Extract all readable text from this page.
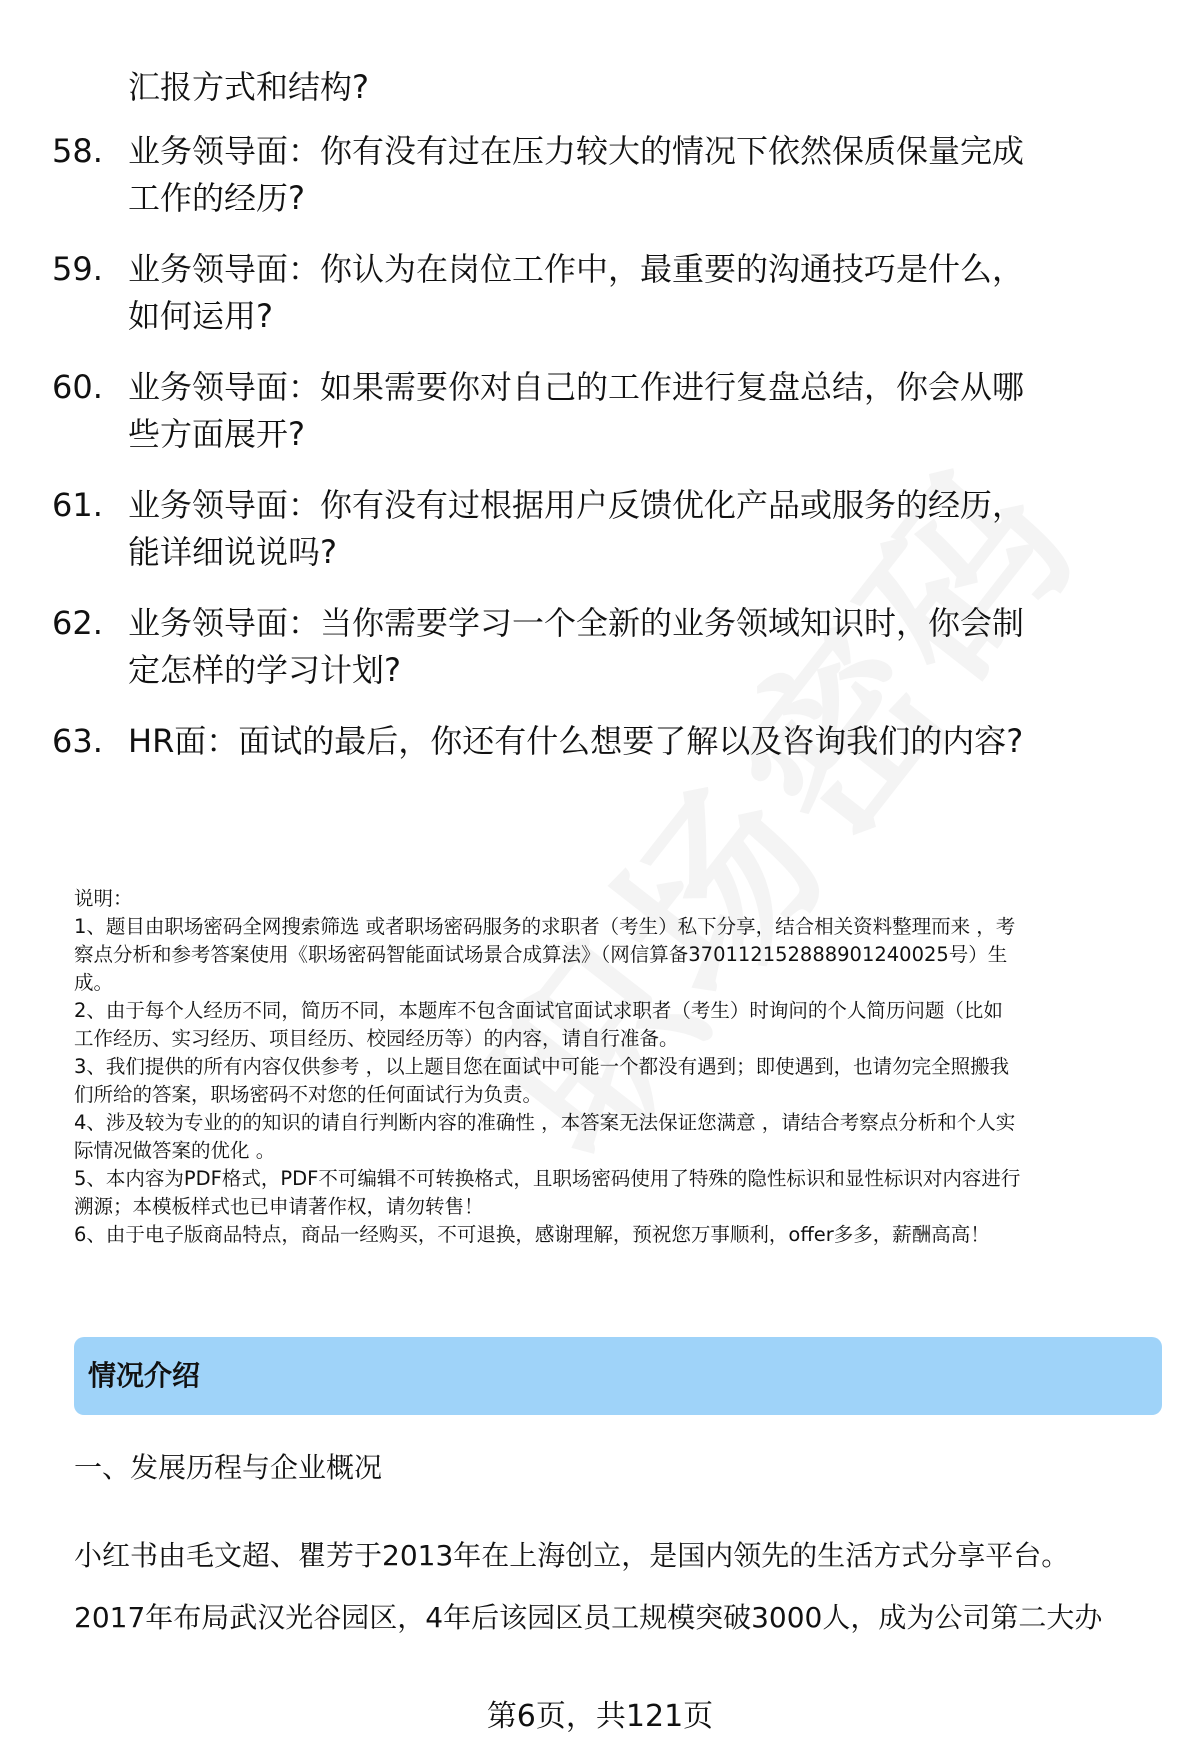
汇报方式和结构?
58. 业务领导面：你有没有过在压力较大的情况下依然保质保量完成
工作的经历?
59. 业务领导面：你认为在岗位工作中，最重要的沟通技巧是什么，
如何运用?
60. 业务领导面：如果需要你对自己的工作进行复盘总结，你会从哪
些方面展开?
61. 业务领导面：你有没有过根据用户反馈优化产品或服务的经历，
能详细说说吗?
62. 业务领导面：当你需要学习一个全新的业务领域知识时，你会制
定怎样的学习计划?
63. HR面：面试的最后，你还有什么想要了解以及咨询我们的内容?

说明：

1、题目由职场密码全网搜索筛选 或者职场密码服务的求职者（考生）私下分享，结合相关资料整理而来 ，考

察点分析和参考答案使用《职场密码智能面试场景合成算法》（网信算备370112152888901240025号）生

成。

2、由于每个人经历不同，简历不同，本题库不包含面试官面试求职者（考生）时询问的个人简历问题（比如

工作经历、实习经历、项目经历、校园经历等）的内容，请自行准备。

3、我们提供的所有内容仅供参考 ，以上题目您在面试中可能一个都没有遇到；即使遇到，也请勿完全照搬我

们所给的答案，职场密码不对您的任何面试行为负责。

4、涉及较为专业的的知识的请自行判断内容的准确性 ，本答案无法保证您满意 ，请结合考察点分析和个人实

际情况做答案的优化 。

5、本内容为PDF格式，PDF不可编辑不可转换格式，且职场密码使用了特殊的隐性标识和显性标识对内容进行

溯源；本模板样式也已申请著作权，请勿转售！

6、由于电子版商品特点，商品一经购买，不可退换，感谢理解，预祝您万事顺利，offer多多，薪酬高高！

情况介绍
一、发展历程与企业概况
小红书由毛文超、瞿芳于2013年在上海创立，是国内领先的生活方式分享平台。
2017年布局武汉光谷园区，4年后该园区员工规模突破3000人，成为公司第二大办
第6页，共121页
